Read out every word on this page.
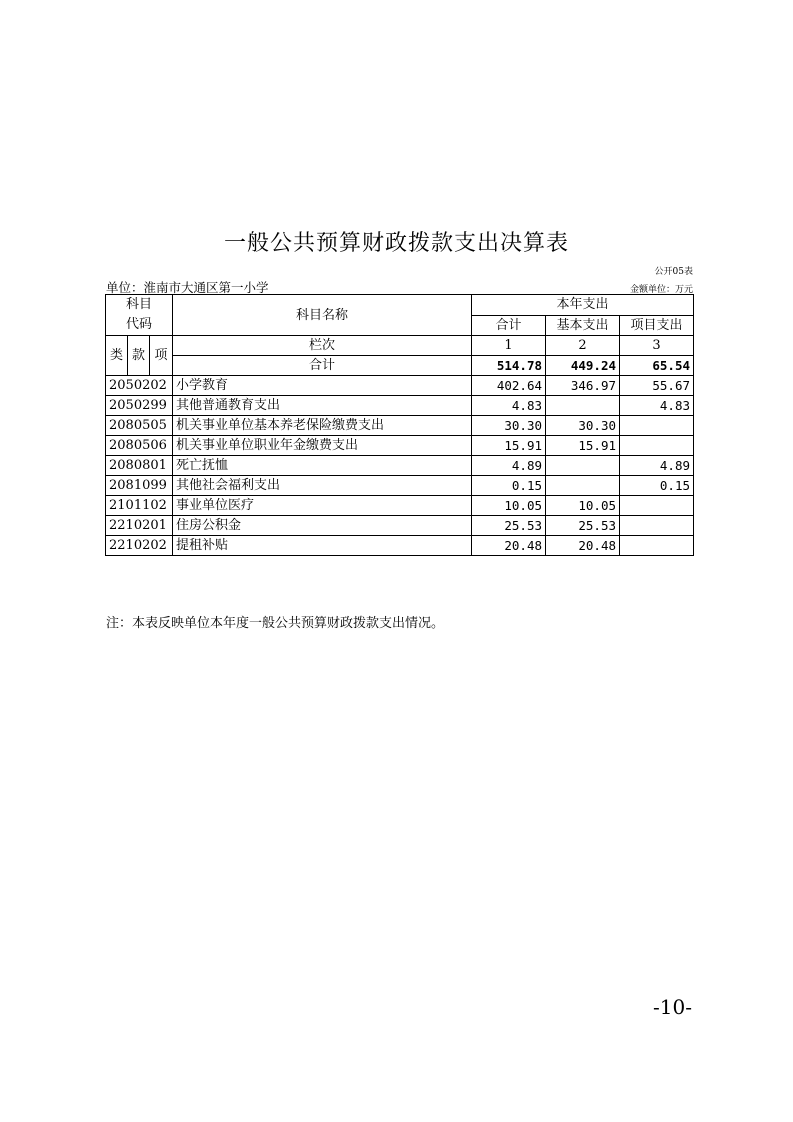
一般公共预算财政拨款支出决算表
公开05表
单位：淮南市大通区第一小学	金额单位：万元
科目
代码			科目名称	本年支出		
				合计	基本支出	项目支出
类	款	项	栏次	1	2	3
			合计	514.78	449.24	65.54
2050202			小学教育	402.64	346.97	55.67
2050299			其他普通教育支出	4.83		4.83
2080505			机关事业单位基本养老保险缴费支出	30.30	30.30	
2080506			机关事业单位职业年金缴费支出	15.91	15.91	
2080801			死亡抚恤	4.89		4.89
2081099			其他社会福利支出	0.15		0.15
2101102			事业单位医疗	10.05	10.05	
2210201			住房公积金	25.53	25.53	
2210202			提租补贴	20.48	20.48	
注：本表反映单位本年度一般公共预算财政拨款支出情况。
-10-
